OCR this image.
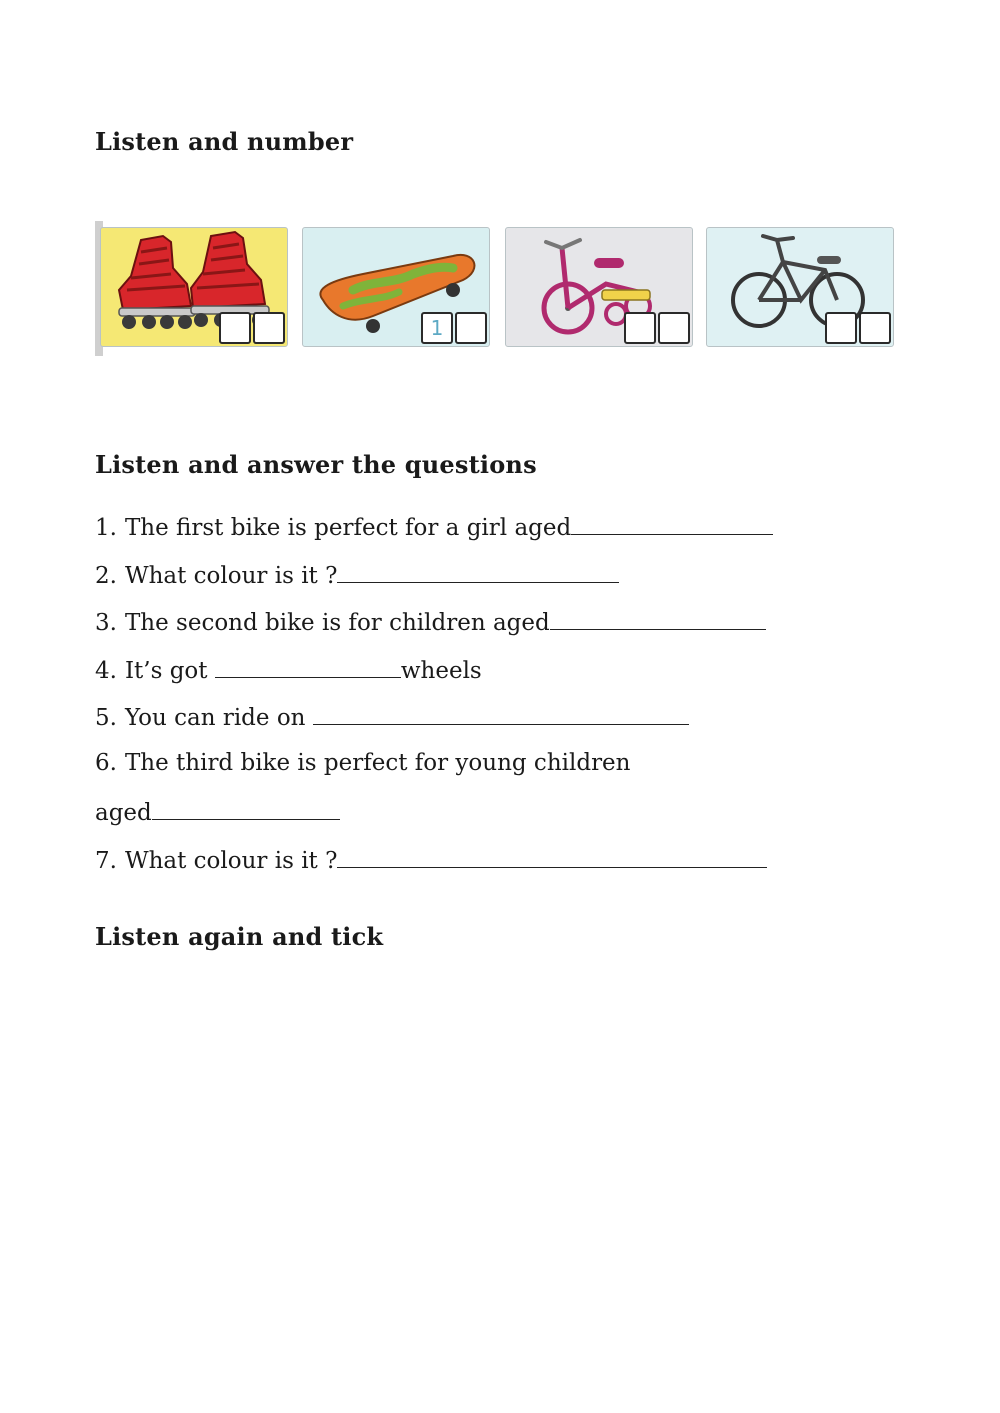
Listen and number
1
Listen and answer the questions

1. The first bike is perfect for a girl aged

2. What colour is it ?

3. The second bike is for children aged

4. It’s got	wheels

5. You can ride on

6. The third bike is perfect for young children

aged

7. What colour is it ?

Listen again and tick
